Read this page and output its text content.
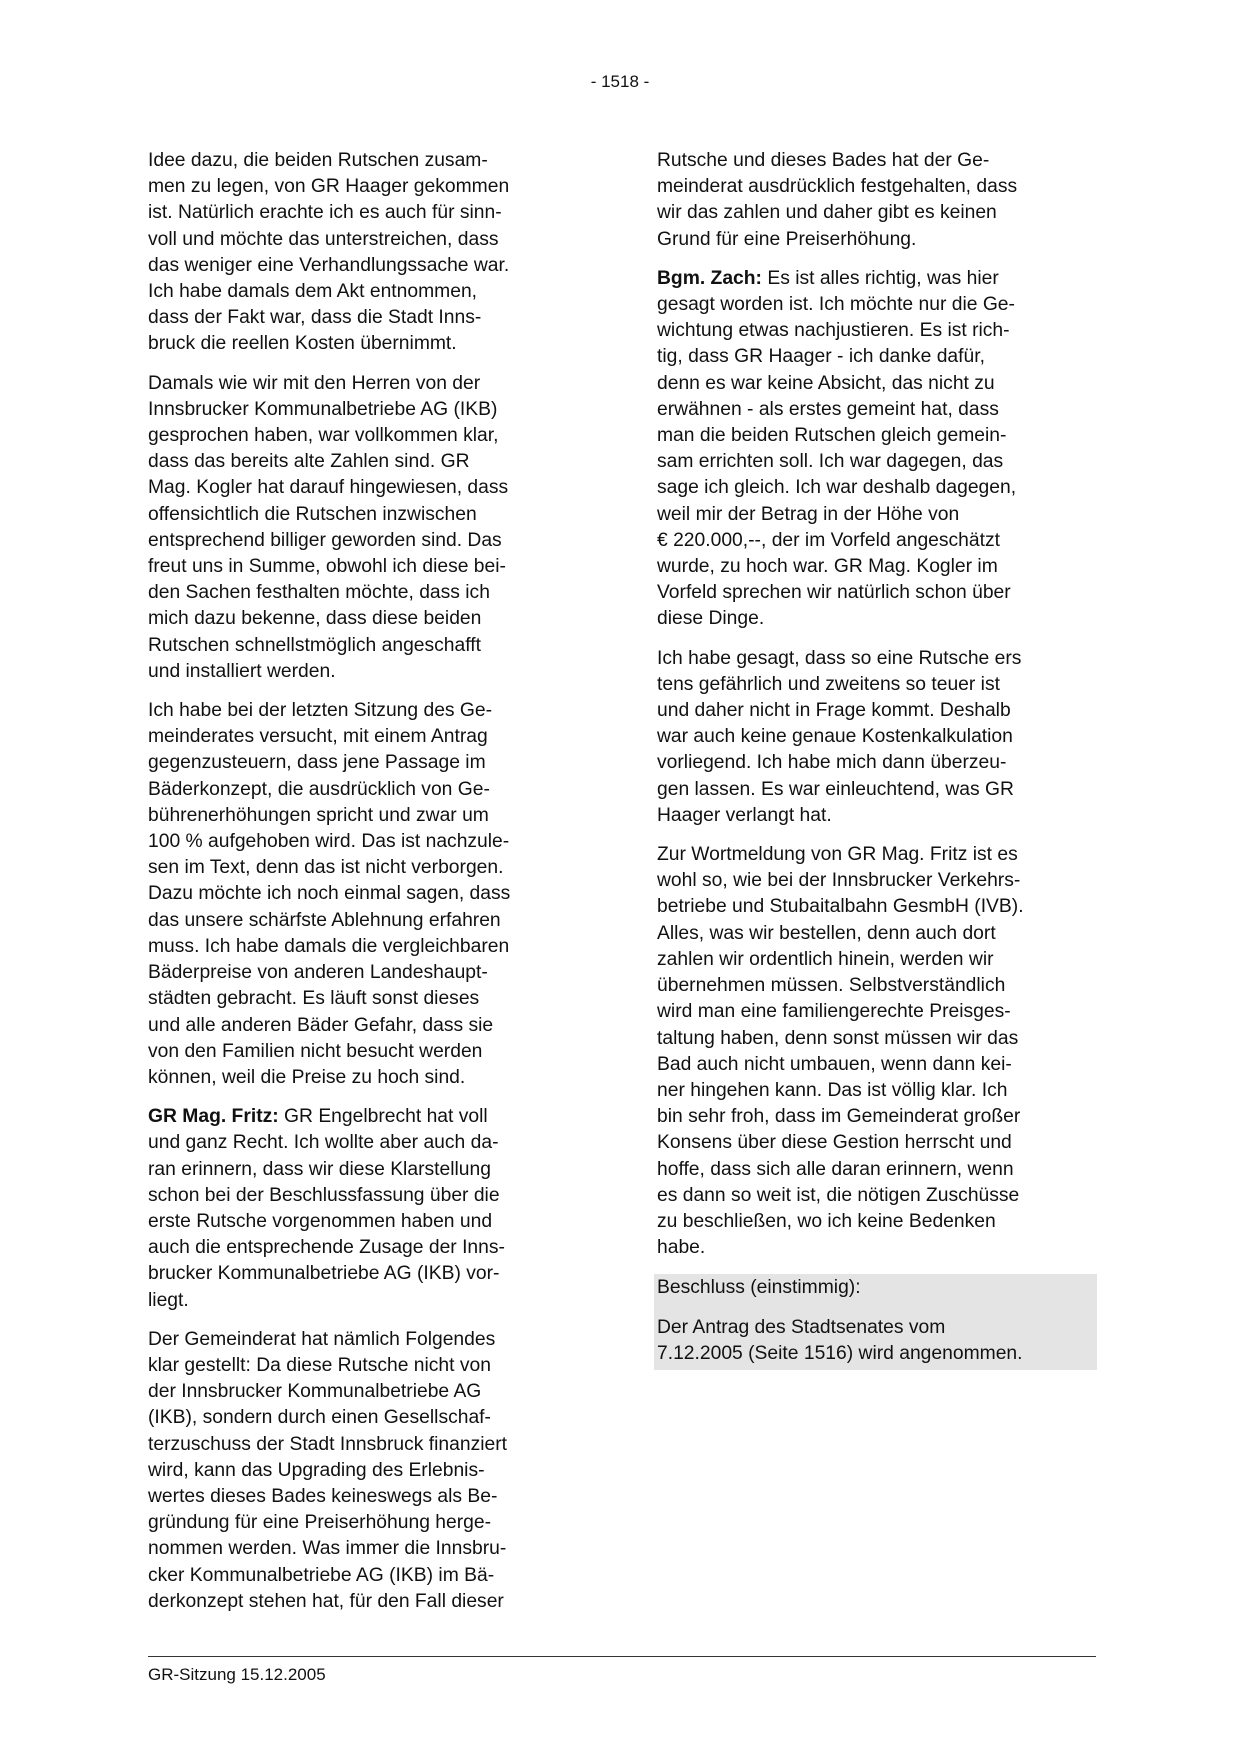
- 1518 -

Idee dazu, die beiden Rutschen zusam-
men zu legen, von GR Haager gekommen
ist. Natürlich erachte ich es auch für sinn-
voll und möchte das unterstreichen, dass
das weniger eine Verhandlungssache war.
Ich habe damals dem Akt entnommen,
dass der Fakt war, dass die Stadt Inns-
bruck die reellen Kosten übernimmt.

Damals wie wir mit den Herren von der
Innsbrucker Kommunalbetriebe AG (IKB)
gesprochen haben, war vollkommen klar,
dass das bereits alte Zahlen sind. GR
Mag. Kogler hat darauf hingewiesen, dass
offensichtlich die Rutschen inzwischen
entsprechend billiger geworden sind. Das
freut uns in Summe, obwohl ich diese bei-
den Sachen festhalten möchte, dass ich
mich dazu bekenne, dass diese beiden
Rutschen schnellstmöglich angeschafft
und installiert werden.

Ich habe bei der letzten Sitzung des Ge-
meinderates versucht, mit einem Antrag
gegenzusteuern, dass jene Passage im
Bäderkonzept, die ausdrücklich von Ge-
bührenerhöhungen spricht und zwar um
100 % aufgehoben wird. Das ist nachzule-
sen im Text, denn das ist nicht verborgen.
Dazu möchte ich noch einmal sagen, dass
das unsere schärfste Ablehnung erfahren
muss. Ich habe damals die vergleichbaren
Bäderpreise von anderen Landeshaupt-
städten gebracht. Es läuft sonst dieses
und alle anderen Bäder Gefahr, dass sie
von den Familien nicht besucht werden
können, weil die Preise zu hoch sind.

GR Mag. Fritz: GR Engelbrecht hat voll
und ganz Recht. Ich wollte aber auch da-
ran erinnern, dass wir diese Klarstellung
schon bei der Beschlussfassung über die
erste Rutsche vorgenommen haben und
auch die entsprechende Zusage der Inns-
brucker Kommunalbetriebe AG (IKB) vor-
liegt.

Der Gemeinderat hat nämlich Folgendes
klar gestellt: Da diese Rutsche nicht von
der Innsbrucker Kommunalbetriebe AG
(IKB), sondern durch einen Gesellschaf-
terzuschuss der Stadt Innsbruck finanziert
wird, kann das Upgrading des Erlebnis-
wertes dieses Bades keineswegs als Be-
gründung für eine Preiserhöhung herge-
nommen werden. Was immer die Innsbru-
cker Kommunalbetriebe AG (IKB) im Bä-
derkonzept stehen hat, für den Fall dieser

Rutsche und dieses Bades hat der Ge-
meinderat ausdrücklich festgehalten, dass
wir das zahlen und daher gibt es keinen
Grund für eine Preiserhöhung.

Bgm. Zach: Es ist alles richtig, was hier
gesagt worden ist. Ich möchte nur die Ge-
wichtung etwas nachjustieren. Es ist rich-
tig, dass GR Haager - ich danke dafür,
denn es war keine Absicht, das nicht zu
erwähnen - als erstes gemeint hat, dass
man die beiden Rutschen gleich gemein-
sam errichten soll. Ich war dagegen, das
sage ich gleich. Ich war deshalb dagegen,
weil mir der Betrag in der Höhe von
€ 220.000,--, der im Vorfeld angeschätzt
wurde, zu hoch war. GR Mag. Kogler im
Vorfeld sprechen wir natürlich schon über
diese Dinge.

Ich habe gesagt, dass so eine Rutsche ers
tens gefährlich und zweitens so teuer ist
und daher nicht in Frage kommt. Deshalb
war auch keine genaue Kostenkalkulation
vorliegend. Ich habe mich dann überzeu-
gen lassen. Es war einleuchtend, was GR
Haager verlangt hat.

Zur Wortmeldung von GR Mag. Fritz ist es
wohl so, wie bei der Innsbrucker Verkehrs-
betriebe und Stubaitalbahn GesmbH (IVB).
Alles, was wir bestellen, denn auch dort
zahlen wir ordentlich hinein, werden wir
übernehmen müssen. Selbstverständlich
wird man eine familiengerechte Preisges-
taltung haben, denn sonst müssen wir das
Bad auch nicht umbauen, wenn dann kei-
ner hingehen kann. Das ist völlig klar. Ich
bin sehr froh, dass im Gemeinderat großer
Konsens über diese Gestion herrscht und
hoffe, dass sich alle daran erinnern, wenn
es dann so weit ist, die nötigen Zuschüsse
zu beschließen, wo ich keine Bedenken
habe.

Beschluss (einstimmig):

Der Antrag des Stadtsenates vom
7.12.2005 (Seite 1516) wird angenommen.

GR-Sitzung 15.12.2005
